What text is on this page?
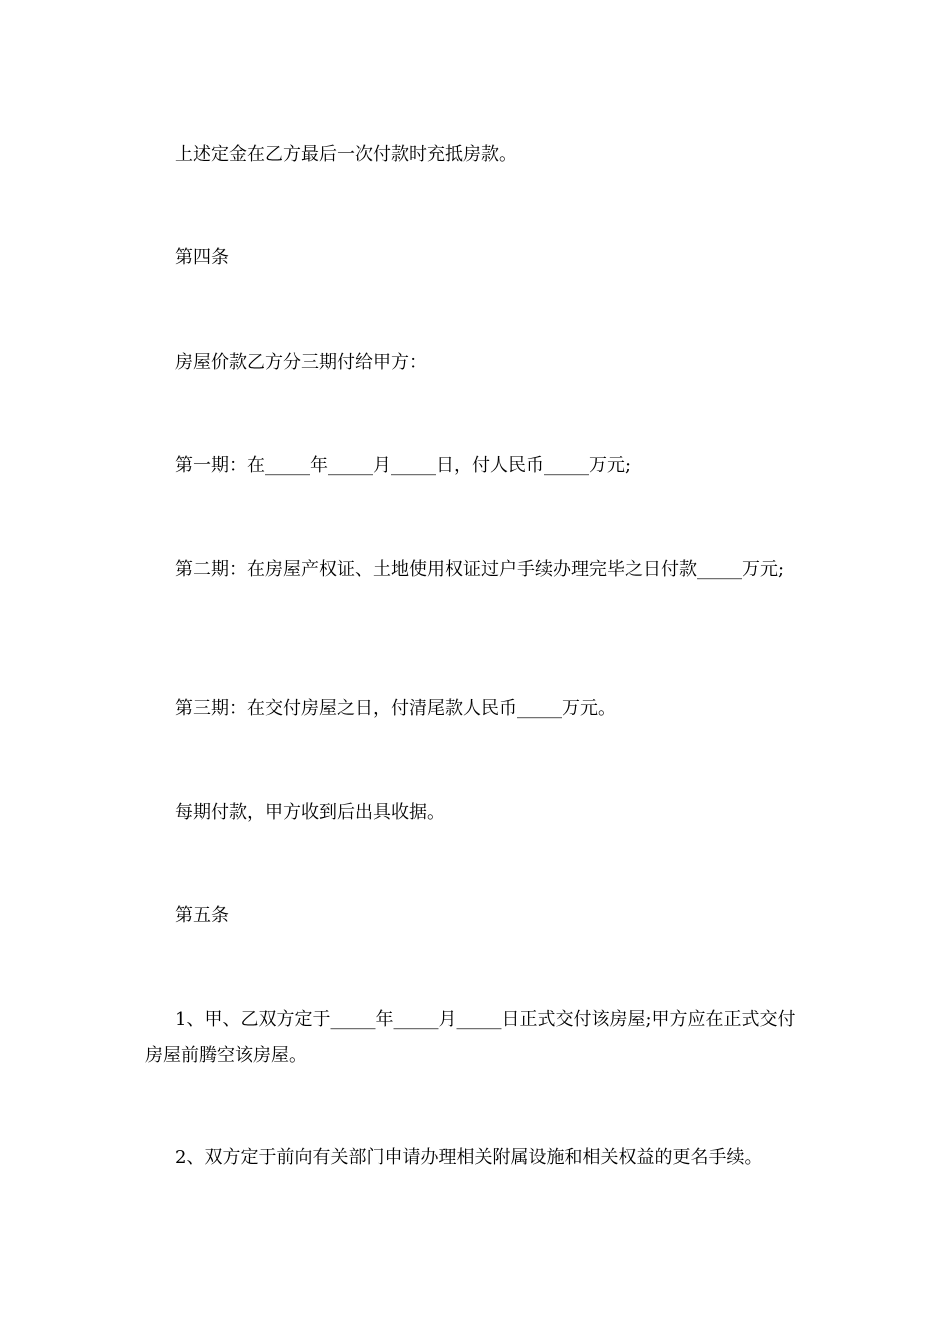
上述定金在乙方最后一次付款时充抵房款。

第四条

房屋价款乙方分三期付给甲方：

第一期：在_____年_____月_____日，付人民币_____万元;

第二期：在房屋产权证、土地使用权证过户手续办理完毕之日付款_____万元;

第三期：在交付房屋之日，付清尾款人民币_____万元。

每期付款，甲方收到后出具收据。

第五条

1、甲、乙双方定于_____年_____月_____日正式交付该房屋;甲方应在正式交付房屋前腾空该房屋。

2、双方定于前向有关部门申请办理相关附属设施和相关权益的更名手续。
